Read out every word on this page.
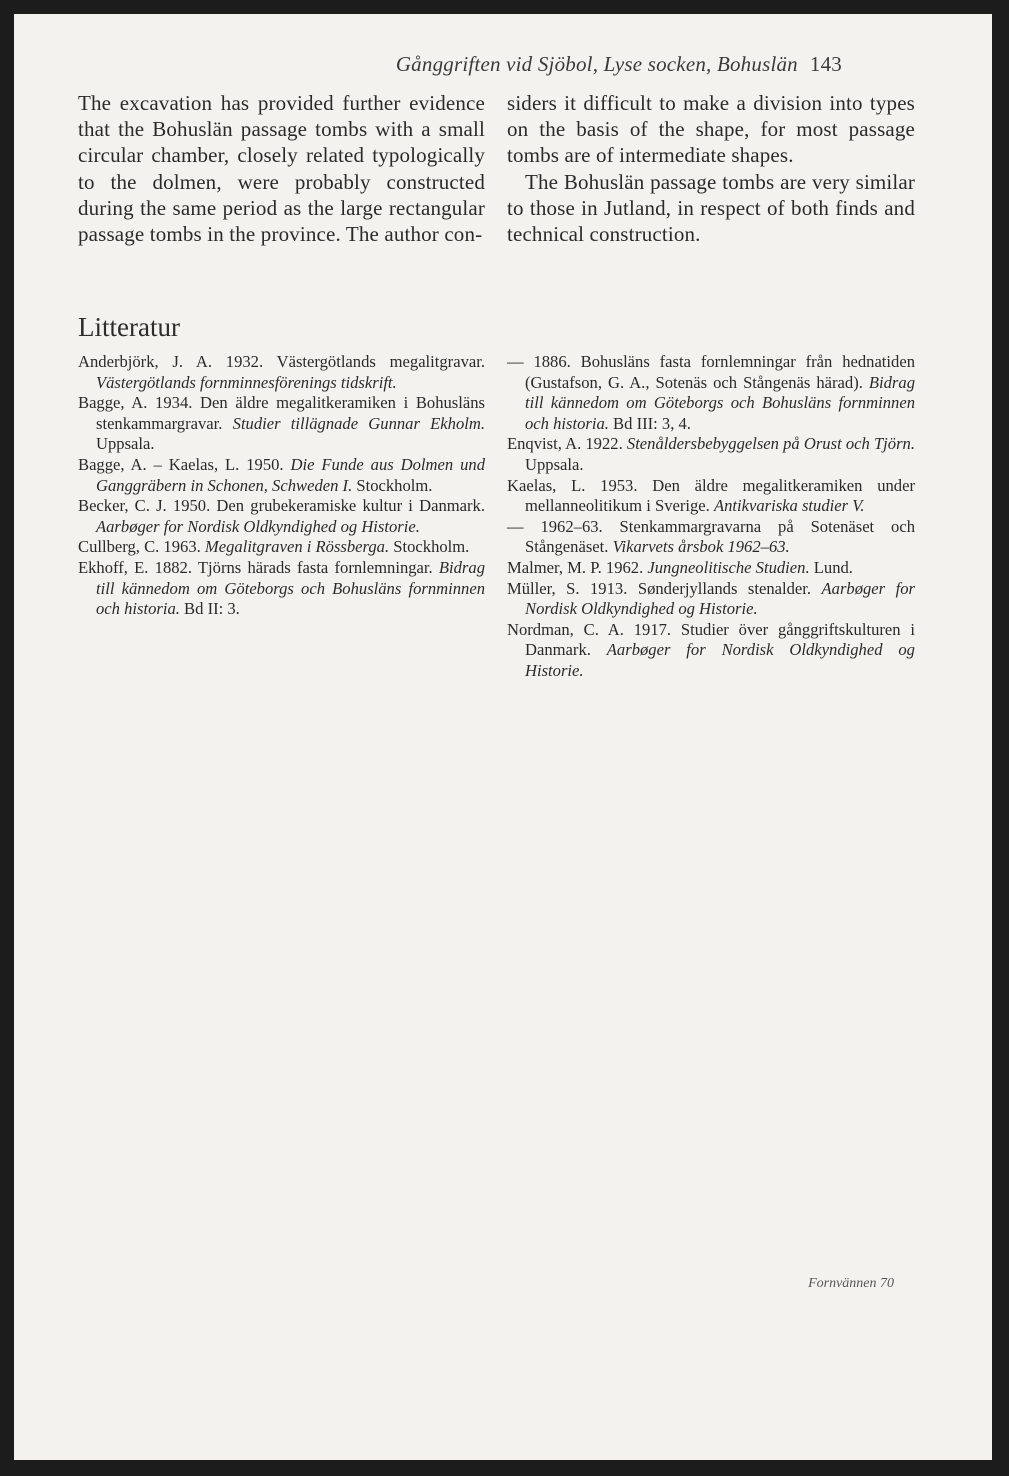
Gånggriften vid Sjöbol, Lyse socken, Bohuslän 143

The excavation has provided further evidence that the Bohuslän passage tombs with a small circular chamber, closely related typologically to the dolmen, were probably constructed during the same period as the large rectangular passage tombs in the province. The author con-

siders it difficult to make a division into types on the basis of the shape, for most passage tombs are of intermediate shapes.

The Bohuslän passage tombs are very similar to those in Jutland, in respect of both finds and technical construction.

Litteratur

Anderbjörk, J. A. 1932. Västergötlands megalitgravar. Västergötlands fornminnesförenings tidskrift.

Bagge, A. 1934. Den äldre megalitkeramiken i Bohusläns stenkammargravar. Studier tillägnade Gunnar Ekholm. Uppsala.

Bagge, A. – Kaelas, L. 1950. Die Funde aus Dolmen und Ganggräbern in Schonen, Schweden I. Stockholm.

Becker, C. J. 1950. Den grubekeramiske kultur i Danmark. Aarbøger for Nordisk Oldkyndighed og Historie.

Cullberg, C. 1963. Megalitgraven i Rössberga. Stockholm.

Ekhoff, E. 1882. Tjörns härads fasta fornlemningar. Bidrag till kännedom om Göteborgs och Bohusläns fornminnen och historia. Bd II: 3.

— 1886. Bohusläns fasta fornlemningar från hednatiden (Gustafson, G. A., Sotenäs och Stångenäs härad). Bidrag till kännedom om Göteborgs och Bohusläns fornminnen och historia. Bd III: 3, 4.

Enqvist, A. 1922. Stenåldersbebyggelsen på Orust och Tjörn. Uppsala.

Kaelas, L. 1953. Den äldre megalitkeramiken under mellanneolitikum i Sverige. Antikvariska studier V.

— 1962–63. Stenkammargravarna på Sotenäset och Stångenäset. Vikarvets årsbok 1962–63.

Malmer, M. P. 1962. Jungneolitische Studien. Lund.

Müller, S. 1913. Sønderjyllands stenalder. Aarbøger for Nordisk Oldkyndighed og Historie.

Nordman, C. A. 1917. Studier över gånggriftskulturen i Danmark. Aarbøger for Nordisk Oldkyndighed og Historie.

Fornvännen 70
